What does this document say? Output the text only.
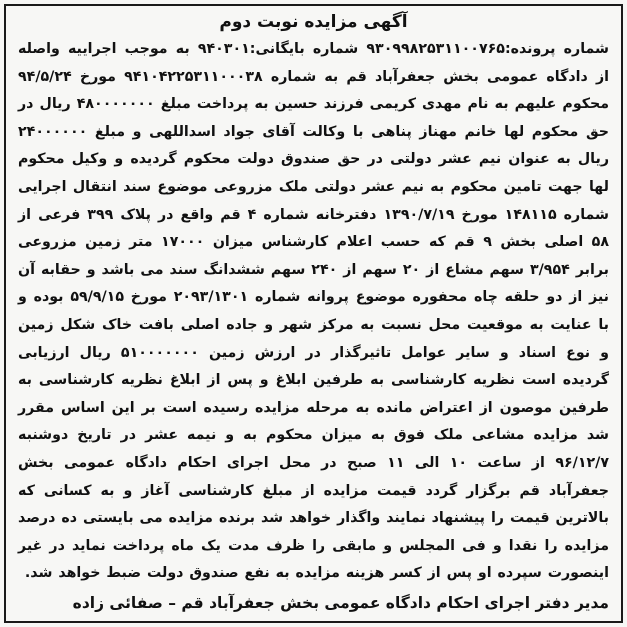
آگهی مزایده نوبت دوم

شماره پرونده:۹۳۰۹۹۸۲۵۳۱۱۰۰۷۶۵ شماره بایگانی:۹۴۰۳۰۱ به موجب اجراییه واصله از دادگاه عمومی بخش جعفرآباد قم به شماره ۹۴۱۰۴۲۲۵۳۱۱۰۰۰۳۸ مورخ ۹۴/۵/۲۴ محکوم علیهم به نام مهدی کریمی فرزند حسین به پرداخت مبلغ ۴۸۰۰۰۰۰۰۰ ریال در حق محکوم لها خانم مهناز پناهی با وکالت آقای جواد اسداللهی و مبلغ ۲۴۰۰۰۰۰۰ ریال به عنوان نیم عشر دولتی در حق صندوق دولت محکوم گردیده و وکیل محکوم لها جهت تامین محکوم به نیم عشر دولتی ملک مزروعی موضوع سند انتقال اجرایی شماره ۱۴۸۱۱۵ مورخ ۱۳۹۰/۷/۱۹ دفترخانه شماره ۴ قم واقع در پلاک ۳۹۹ فرعی از ۵۸ اصلی بخش ۹ قم که حسب اعلام کارشناس میزان ۱۷۰۰۰ متر زمین مزروعی برابر ۳/۹۵۴ سهم مشاع از ۲۰ سهم از ۲۴۰ سهم ششدانگ سند می باشد و حقابه آن نیز از دو حلقه چاه محفوره موضوع پروانه شماره ۲۰۹۳/۱۳۰۱ مورخ ۵۹/۹/۱۵ بوده و با عنایت به موقعیت محل نسبت به مرکز شهر و جاده اصلی بافت خاک شکل زمین و نوع اسناد و سایر عوامل تاثیرگذار در ارزش زمین ۵۱۰۰۰۰۰۰۰ ریال ارزیابی گردیده است نظریه کارشناسی به طرفین ابلاغ و پس از ابلاغ نظریه کارشناسی به طرفین موصون از اعتراض مانده به مرحله مزایده رسیده است بر این اساس مقرر شد مزایده مشاعی ملک فوق به میزان محکوم به و نیمه عشر در تاریخ دوشنبه ۹۶/۱۲/۷ از ساعت ۱۰ الی ۱۱ صبح در محل اجرای احکام دادگاه عمومی بخش جعفرآباد قم برگزار گردد قیمت مزایده از مبلغ کارشناسی آغاز و به کسانی که بالاترین قیمت را پیشنهاد نمایند واگذار خواهد شد برنده مزایده می بایستی ده درصد مزایده را نقدا و فی المجلس و مابقی را ظرف مدت یک ماه پرداخت نماید در غیر اینصورت سپرده او پس از کسر هزینه مزایده به نفع صندوق دولت ضبط خواهد شد.

مدیر دفتر اجرای احکام دادگاه عمومی بخش جعفرآباد قم – صفائی زاده
